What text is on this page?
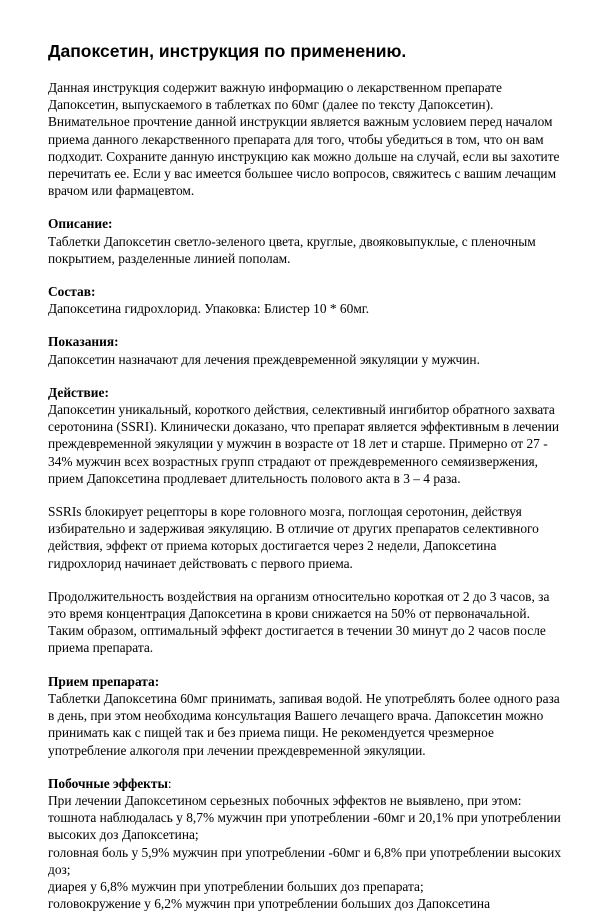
Дапоксетин, инструкция по применению.

Данная инструкция содержит важную информацию о лекарственном препарате

Дапоксетин, выпускаемого в таблетках по 60мг (далее по тексту Дапоксетин).

Внимательное прочтение данной инструкции является важным условием перед началом

приема данного лекарственного препарата для того, чтобы убедиться в том, что он вам

подходит. Сохраните данную инструкцию как можно дольше на случай, если вы захотите

перечитать ее. Если у вас имеется большее число вопросов, свяжитесь с вашим лечащим

врачом или фармацевтом.

Описание:

Таблетки Дапоксетин светло-зеленого цвета, круглые, двояковыпуклые, с пленочным

покрытием, разделенные линией пополам.

Состав:

Дапоксетина гидрохлорид. Упаковка: Блистер 10 * 60мг.

Показания:

Дапоксетин назначают для лечения преждевременной эякуляции у мужчин.

Действие:

Дапоксетин уникальный, короткого действия, селективный ингибитор обратного захвата

серотонина (SSRI). Клинически доказано, что препарат является эффективным в лечении

преждевременной эякуляции у мужчин в возрасте от 18 лет и старше. Примерно от 27 -

34% мужчин всех возрастных групп страдают от преждевременного семяизвержения,

прием Дапоксетина продлевает длительность полового акта в 3 – 4 раза.

SSRIs блокирует рецепторы в коре головного мозга, поглощая серотонин, действуя

избирательно и задерживая эякуляцию. В отличие от других препаратов селективного

действия, эффект от приема которых достигается через 2 недели, Дапоксетина

гидрохлорид начинает действовать с первого приема.

Продолжительность воздействия на организм относительно короткая от 2 до 3 часов, за

это время концентрация Дапоксетина в крови снижается на 50% от первоначальной.

Таким образом, оптимальный эффект достигается в течении 30 минут до 2 часов после

приема препарата.

Прием препарата:

Таблетки Дапоксетина 60мг принимать, запивая водой. Не употреблять более одного раза

в день, при этом необходима консультация Вашего лечащего врача. Дапоксетин можно

принимать как с пищей так и без приема пищи. Не рекомендуется чрезмерное

употребление алкоголя при лечении преждевременной эякуляции.

Побочные эффекты:

При лечении Дапоксетином серьезных побочных эффектов не выявлено, при этом:

тошнота наблюдалась у 8,7% мужчин при употреблении -60мг и 20,1% при употреблении

высоких доз Дапоксетина;

головная боль у 5,9% мужчин при употреблении -60мг и 6,8% при употреблении высоких

доз;

диарея у 6,8% мужчин при употреблении больших доз препарата;

головокружение у 6,2% мужчин при употреблении больших доз Дапоксетина
